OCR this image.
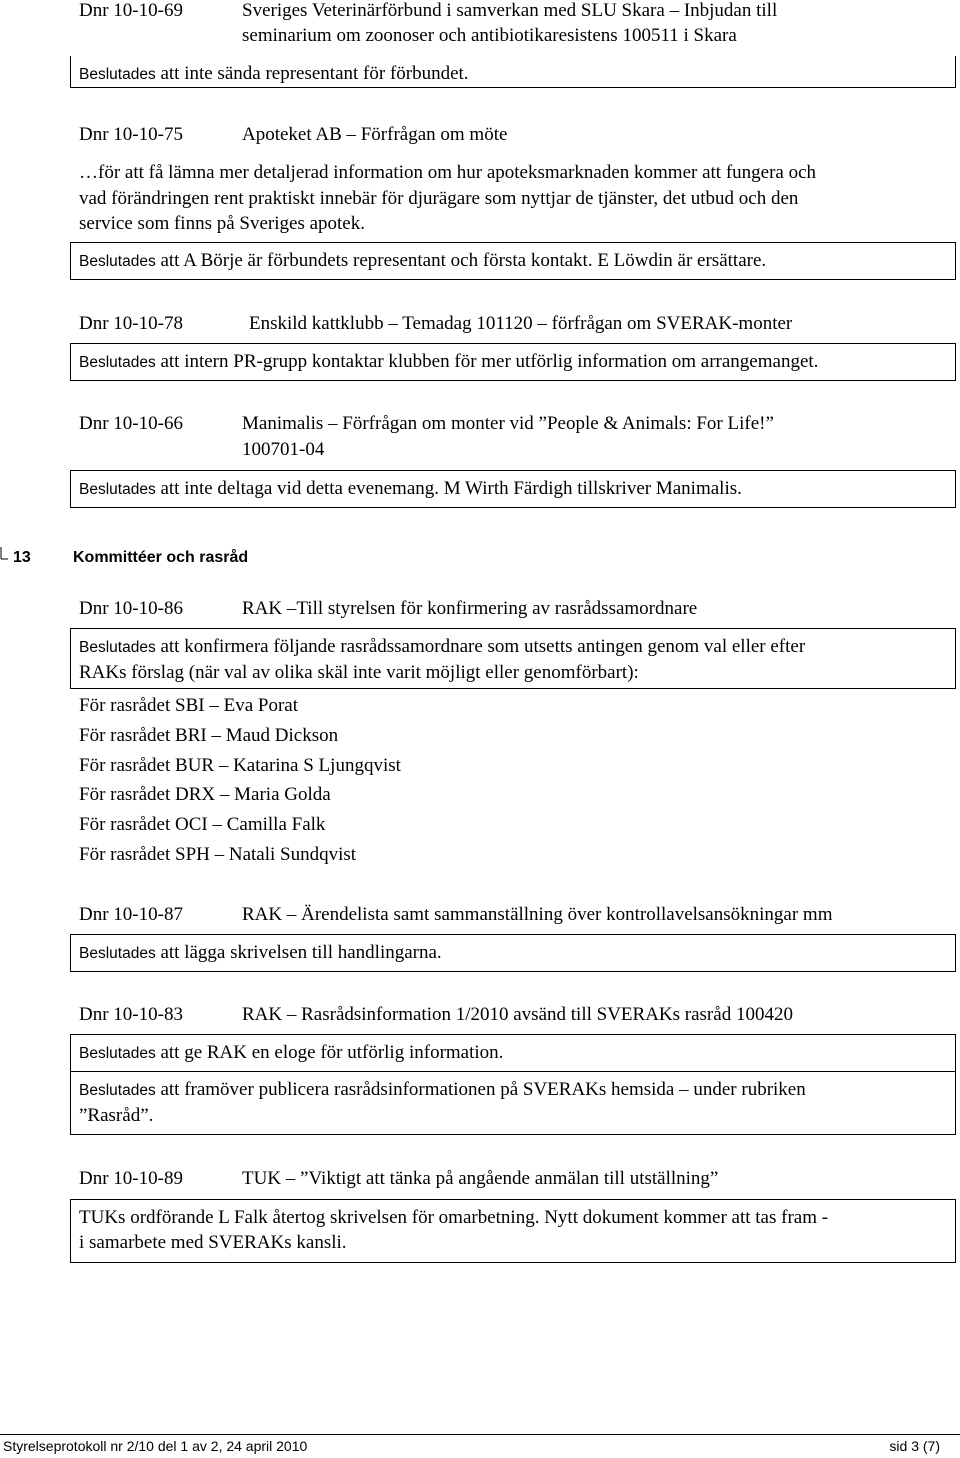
Dnr 10-10-69	Sveriges Veterinärförbund i samverkan med SLU Skara – Inbjudan till
seminarium om zoonoser och antibiotikaresistens 100511 i Skara
Beslutades att inte sända representant för förbundet.
Dnr 10-10-75	Apoteket AB – Förfrågan om möte
…för att få lämna mer detaljerad information om hur apoteksmarknaden kommer att fungera och
vad förändringen rent praktiskt innebär för djurägare som nyttjar de tjänster, det utbud och den
service som finns på Sveriges apotek.
Beslutades att A Börje är förbundets representant och första kontakt. E Löwdin är ersättare.
Dnr 10-10-78	Enskild kattklubb – Temadag 101120 – förfrågan om SVERAK-monter
Beslutades att intern PR-grupp kontaktar klubben för mer utförlig information om arrangemanget.
Dnr 10-10-66	Manimalis – Förfrågan om monter vid ”People & Animals: For Life!”
100701-04
Beslutades att inte deltaga vid detta evenemang. M Wirth Färdigh tillskriver Manimalis.
13	Kommittéer och rasråd
Dnr 10-10-86	RAK –Till styrelsen för konfirmering av rasrådssamordnare
Beslutades att konfirmera följande rasrådssamordnare som utsetts antingen genom val eller efter
RAKs förslag (när val av olika skäl inte varit möjligt eller genomförbart):
För rasrådet SBI – Eva Porat
För rasrådet BRI – Maud Dickson
För rasrådet BUR – Katarina S Ljungqvist
För rasrådet DRX – Maria Golda
För rasrådet OCI – Camilla Falk
För rasrådet SPH – Natali Sundqvist
Dnr 10-10-87	RAK – Ärendelista samt sammanställning över kontrollavelsansökningar mm
Beslutades att lägga skrivelsen till handlingarna.
Dnr 10-10-83	RAK – Rasrådsinformation 1/2010 avsänd till SVERAKs rasråd 100420
Beslutades att ge RAK en eloge för utförlig information.
Beslutades att framöver publicera rasrådsinformationen på SVERAKs hemsida – under rubriken
”Rasråd”.
Dnr 10-10-89	TUK – ”Viktigt att tänka på angående anmälan till utställning”
TUKs ordförande L Falk återtog skrivelsen för omarbetning. Nytt dokument kommer att tas fram -
i samarbete med SVERAKs kansli.
Styrelseprotokoll nr 2/10 del 1 av 2, 24 april 2010	sid 3 (7)
